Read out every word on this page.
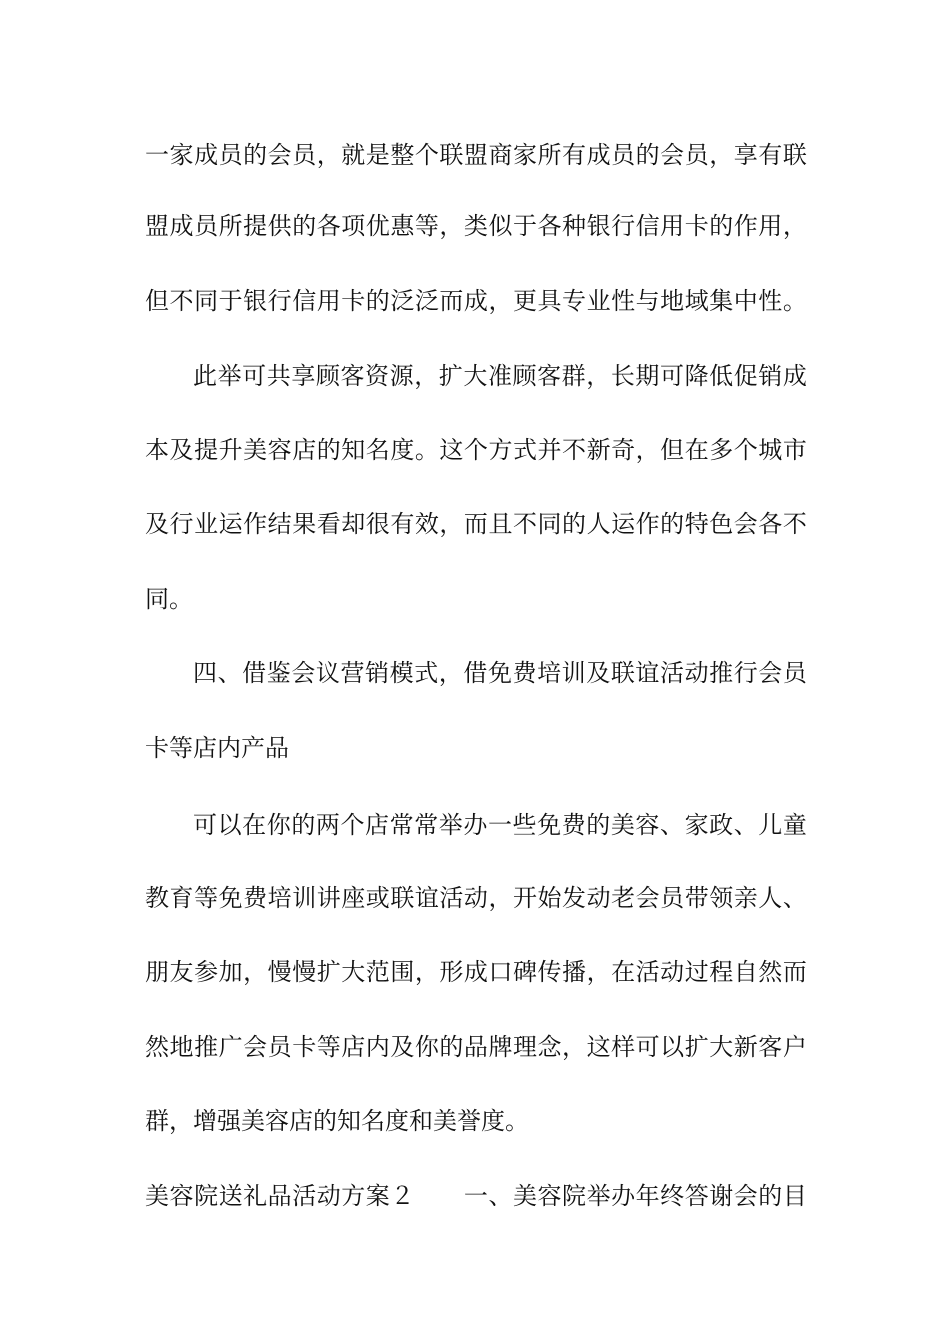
一 家 成 员 的 会 员 ， 就 是 整 个 联 盟 商 家 所 有 成 员 的 会 员 ， 享 有 联
盟 成 员 所 提 供 的 各 项 优 惠 等 ， 类 似 于 各 种 银 行 信 用 卡 的 作 用 ，
但 不 同 于 银 行 信 用 卡 的 泛 泛 而 成 ， 更 具 专 业 性 与 地 域 集 中 性 。
此 举 可 共 享 顾 客 资 源 ， 扩 大 准 顾 客 群 ， 长 期 可 降 低 促 销 成
本 及 提 升 美 容 店 的 知 名 度 。 这 个 方 式 并 不 新 奇 ， 但 在 多 个 城 市
及 行 业 运 作 结 果 看 却 很 有 效 ， 而 且 不 同 的 人 运 作 的 特 色 会 各 不
同。
四 、 借 鉴 会 议 营 销 模 式 ， 借 免 费 培 训 及 联 谊 活 动 推 行 会 员
卡等店内产品
可 以 在 你 的 两 个 店 常 常 举 办 一 些 免 费 的 美 容 、 家 政 、 儿 童
教 育 等 免 费 培 训 讲 座 或 联 谊 活 动 ， 开 始 发 动 老 会 员 带 领 亲 人 、
朋 友 参 加 ， 慢 慢 扩 大 范 围 ， 形 成 口 碑 传 播 ， 在 活 动 过 程 自 然 而
然 地 推 广 会 员 卡 等 店 内 及 你 的 品 牌 理 念 ， 这 样 可 以 扩 大 新 客 户
群，增强美容店的知名度和美誉度。
美 容 院 送 礼 品 活 动 方 案 ２

　 一 、 美 容 院 举 办 年 终 答 谢 会 的 目
